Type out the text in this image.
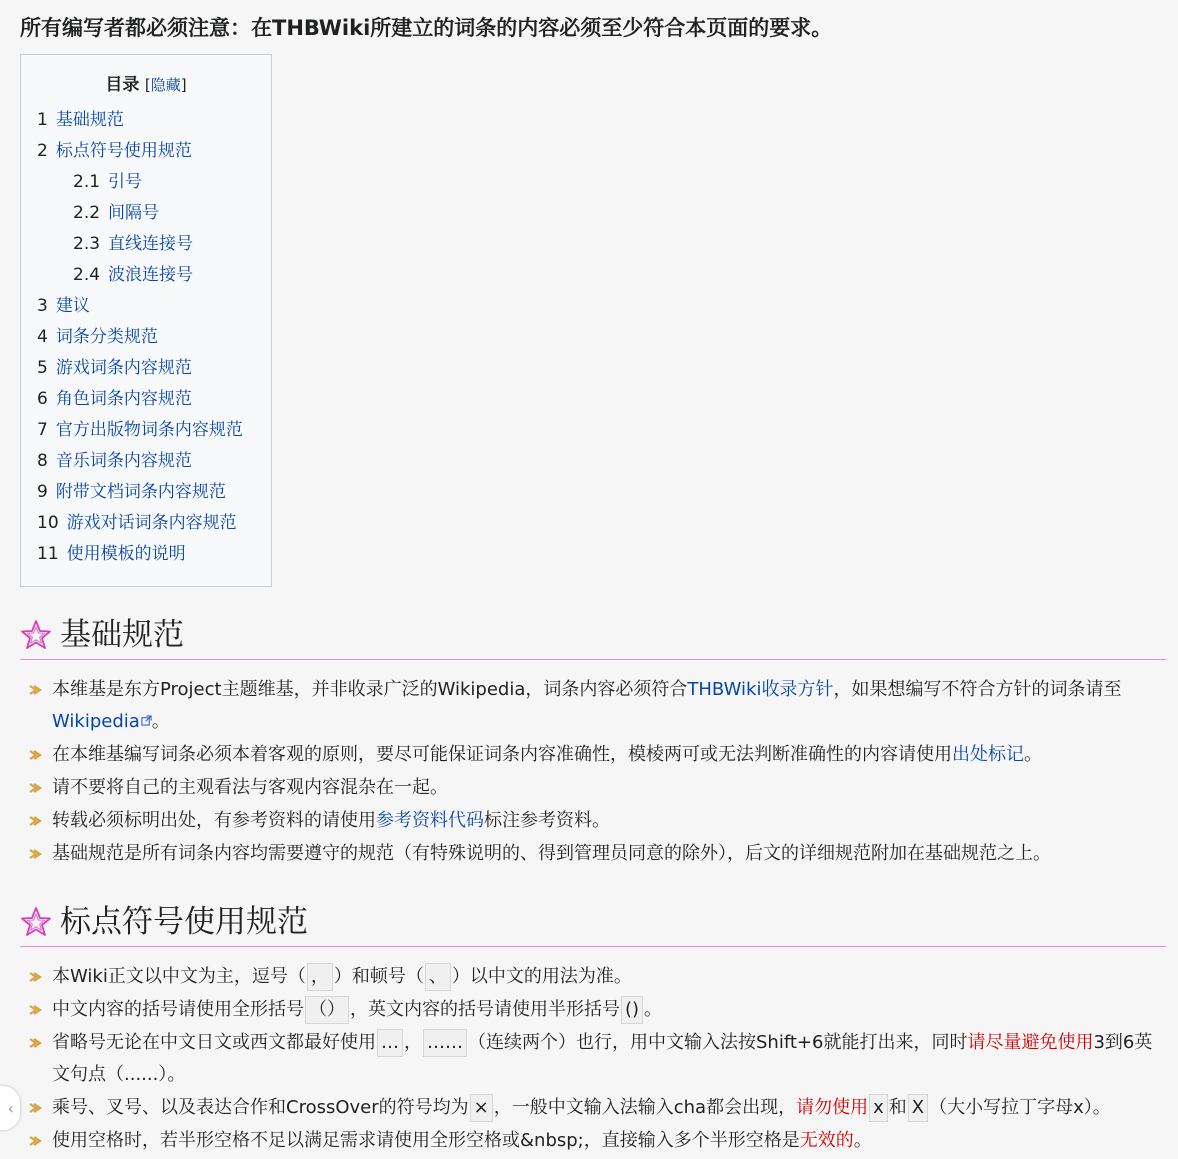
所有编写者都必须注意：在THBWiki所建立的词条的内容必须至少符合本页面的要求。
目录 [隐藏]
1 基础规范
2 标点符号使用规范
2.1 引号
2.2 间隔号
2.3 直线连接号
2.4 波浪连接号
3 建议
4 词条分类规范
5 游戏词条内容规范
6 角色词条内容规范
7 官方出版物词条内容规范
8 音乐词条内容规范
9 附带文档词条内容规范
10 游戏对话词条内容规范
11 使用模板的说明
基础规范
本维基是东方Project主题维基，并非收录广泛的Wikipedia，词条内容必须符合THBWiki收录方针，如果想编写不符合方针的词条请至Wikipedia 。
在本维基编写词条必须本着客观的原则，要尽可能保证词条内容准确性，模棱两可或无法判断准确性的内容请使用出处标记。
请不要将自己的主观看法与客观内容混杂在一起。
转载必须标明出处，有参考资料的请使用参考资料代码标注参考资料。
基础规范是所有词条内容均需要遵守的规范（有特殊说明的、得到管理员同意的除外），后文的详细规范附加在基础规范之上。
标点符号使用规范
本Wiki正文以中文为主，逗号（ ， ）和顿号（ 、 ）以中文的用法为准。
中文内容的括号请使用全形括号 （） ，英文内容的括号请使用半形括号 () 。
省略号无论在中文日文或西文都最好使用 … ， …… （连续两个）也行，用中文输入法按Shift+6就能打出来，同时请尽量避免使用3到6英文句点（......）。
乘号、叉号、以及表达合作和CrossOver的符号均为 × ，一般中文输入法输入cha都会出现，请勿使用 x 和 X （大小写拉丁字母x）。
使用空格时，若半形空格不足以满足需求请使用全形空格或&nbsp;，直接输入多个半形空格是无效的。
‹
